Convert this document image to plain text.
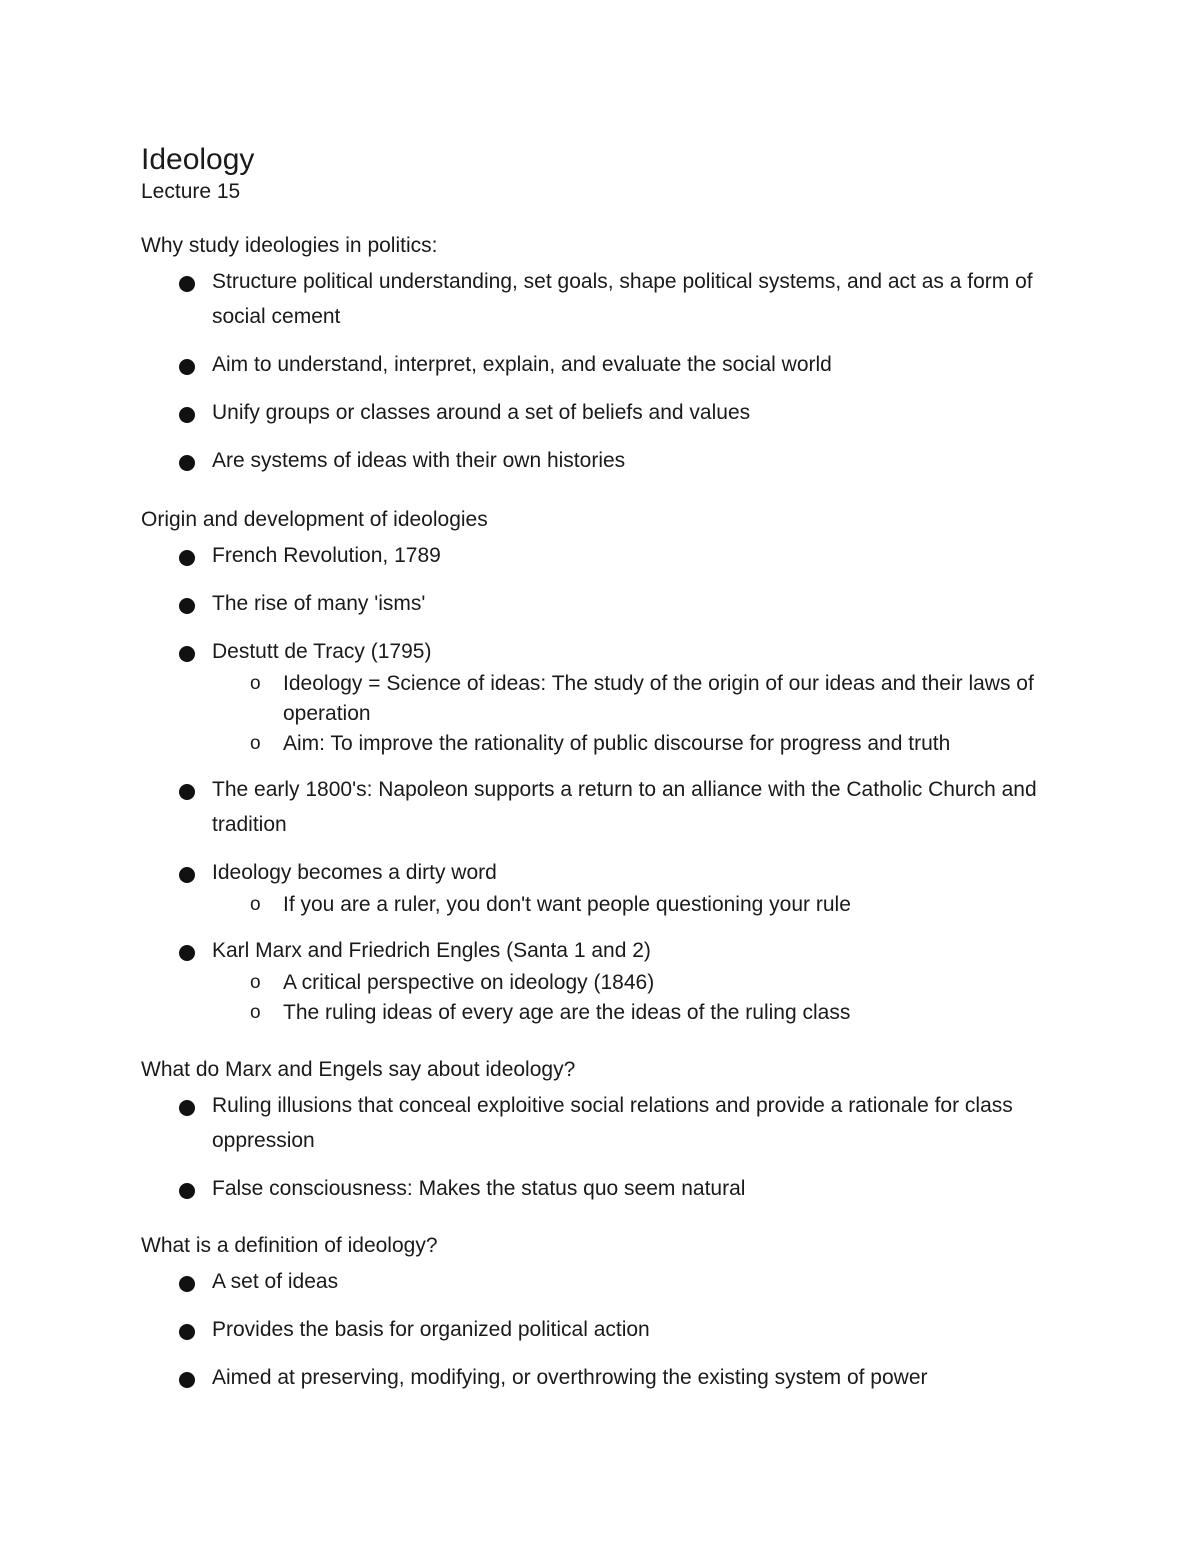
Ideology
Lecture 15
Why study ideologies in politics:
Structure political understanding, set goals, shape political systems, and act as a form of social cement
Aim to understand, interpret, explain, and evaluate the social world
Unify groups or classes around a set of beliefs and values
Are systems of ideas with their own histories
Origin and development of ideologies
French Revolution, 1789
The rise of many 'isms'
Destutt de Tracy (1795)
o Ideology = Science of ideas: The study of the origin of our ideas and their laws of operation
o Aim: To improve the rationality of public discourse for progress and truth
The early 1800's: Napoleon supports a return to an alliance with the Catholic Church and tradition
Ideology becomes a dirty word
o If you are a ruler, you don't want people questioning your rule
Karl Marx and Friedrich Engles (Santa 1 and 2)
o A critical perspective on ideology (1846)
o The ruling ideas of every age are the ideas of the ruling class
What do Marx and Engels say about ideology?
Ruling illusions that conceal exploitive social relations and provide a rationale for class oppression
False consciousness: Makes the status quo seem natural
What is a definition of ideology?
A set of ideas
Provides the basis for organized political action
Aimed at preserving, modifying, or overthrowing the existing system of power
